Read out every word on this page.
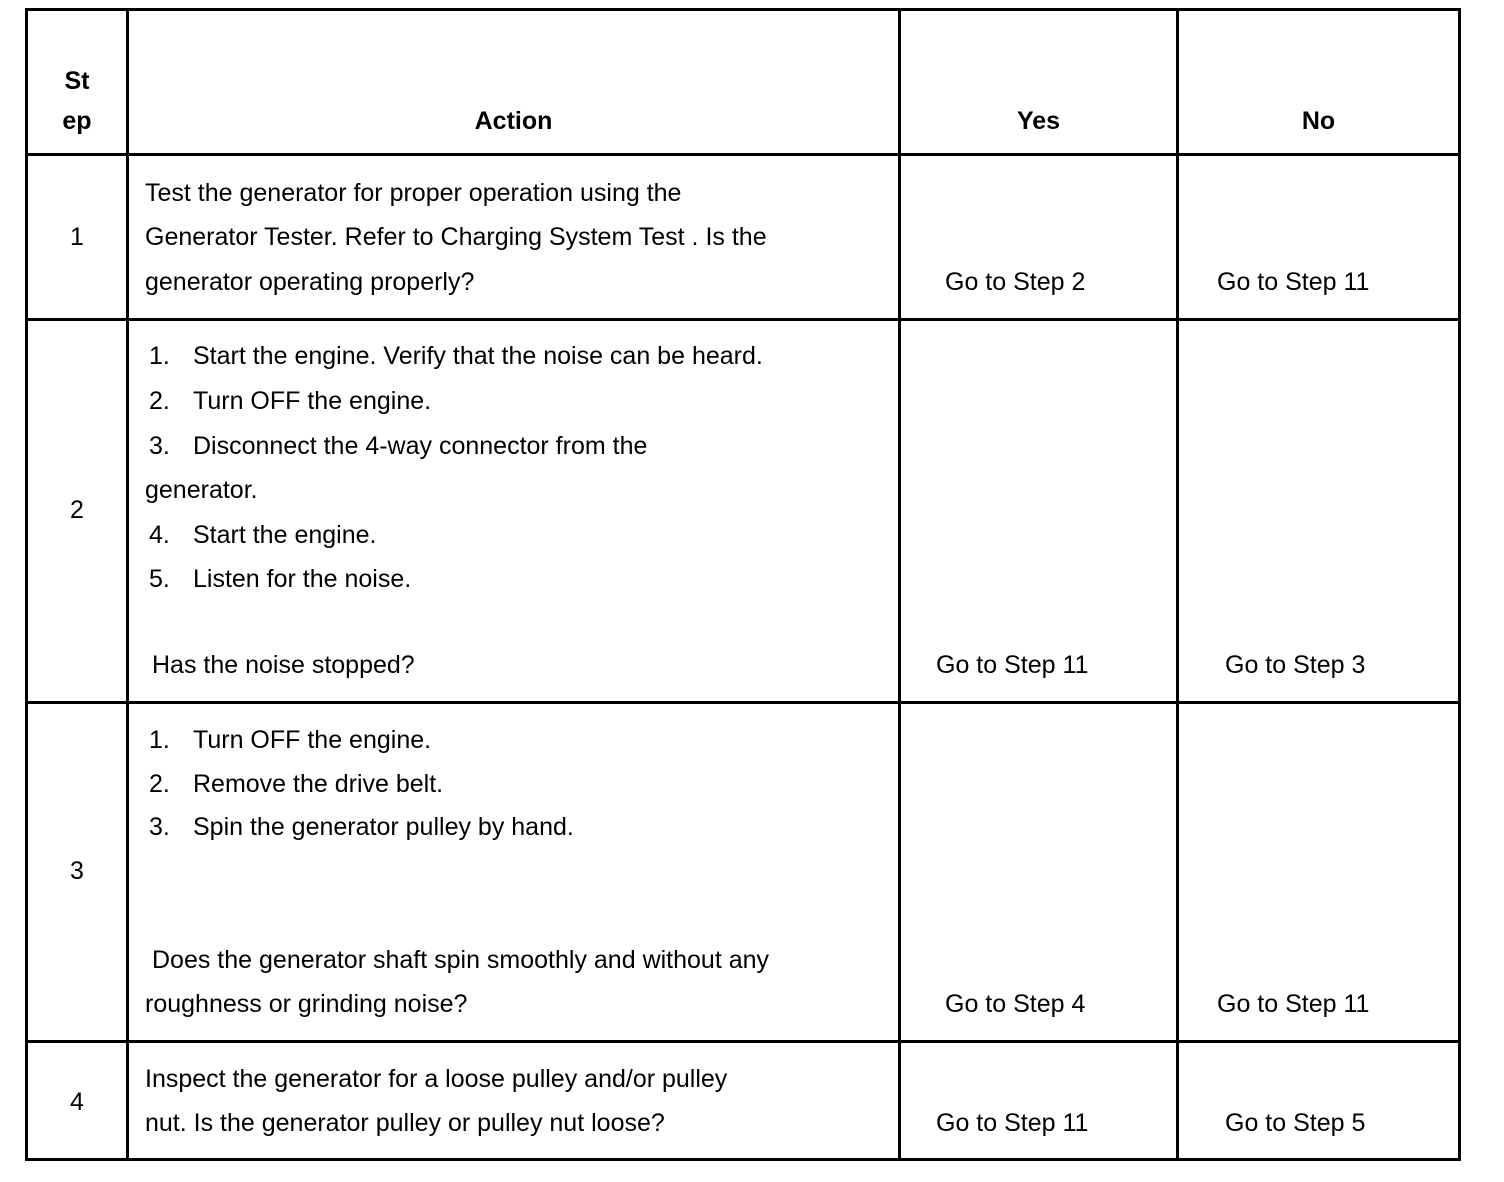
St
ep	Action	Yes	No
1
Test the generator for proper operation using the
Generator Tester. Refer to Charging System Test . Is the
generator operating properly?	Go to Step 2	Go to Step 11
2
1. Start the engine. Verify that the noise can be heard.
2. Turn OFF the engine.
3. Disconnect the 4-way connector from the
generator.
4. Start the engine.
5. Listen for the noise.
Has the noise stopped?	Go to Step 11	Go to Step 3
3
1. Turn OFF the engine.
2. Remove the drive belt.
3. Spin the generator pulley by hand.
Does the generator shaft spin smoothly and without any
roughness or grinding noise?	Go to Step 4	Go to Step 11
4
Inspect the generator for a loose pulley and/or pulley
nut. Is the generator pulley or pulley nut loose?	Go to Step 11	Go to Step 5
